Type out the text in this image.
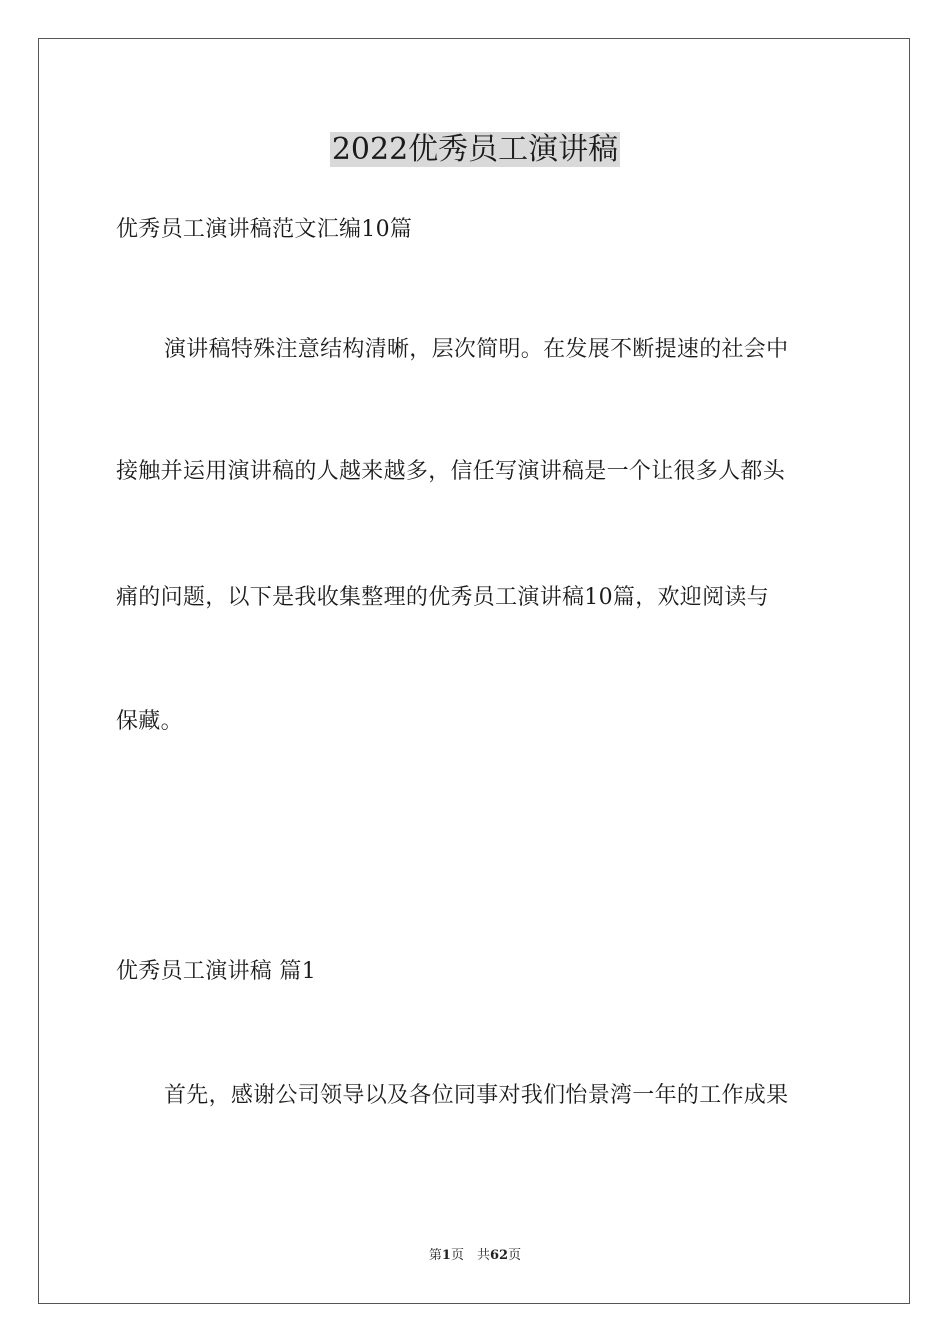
2022优秀员工演讲稿
优秀员工演讲稿范文汇编10篇
演讲稿特殊注意结构清晰，层次简明。在发展不断提速的社会中
接触并运用演讲稿的人越来越多，信任写演讲稿是一个让很多人都头
痛的问题，以下是我收集整理的优秀员工演讲稿10篇，欢迎阅读与
保藏。
优秀员工演讲稿 篇1
首先，感谢公司领导以及各位同事对我们怡景湾一年的工作成果
第1页　共62页
